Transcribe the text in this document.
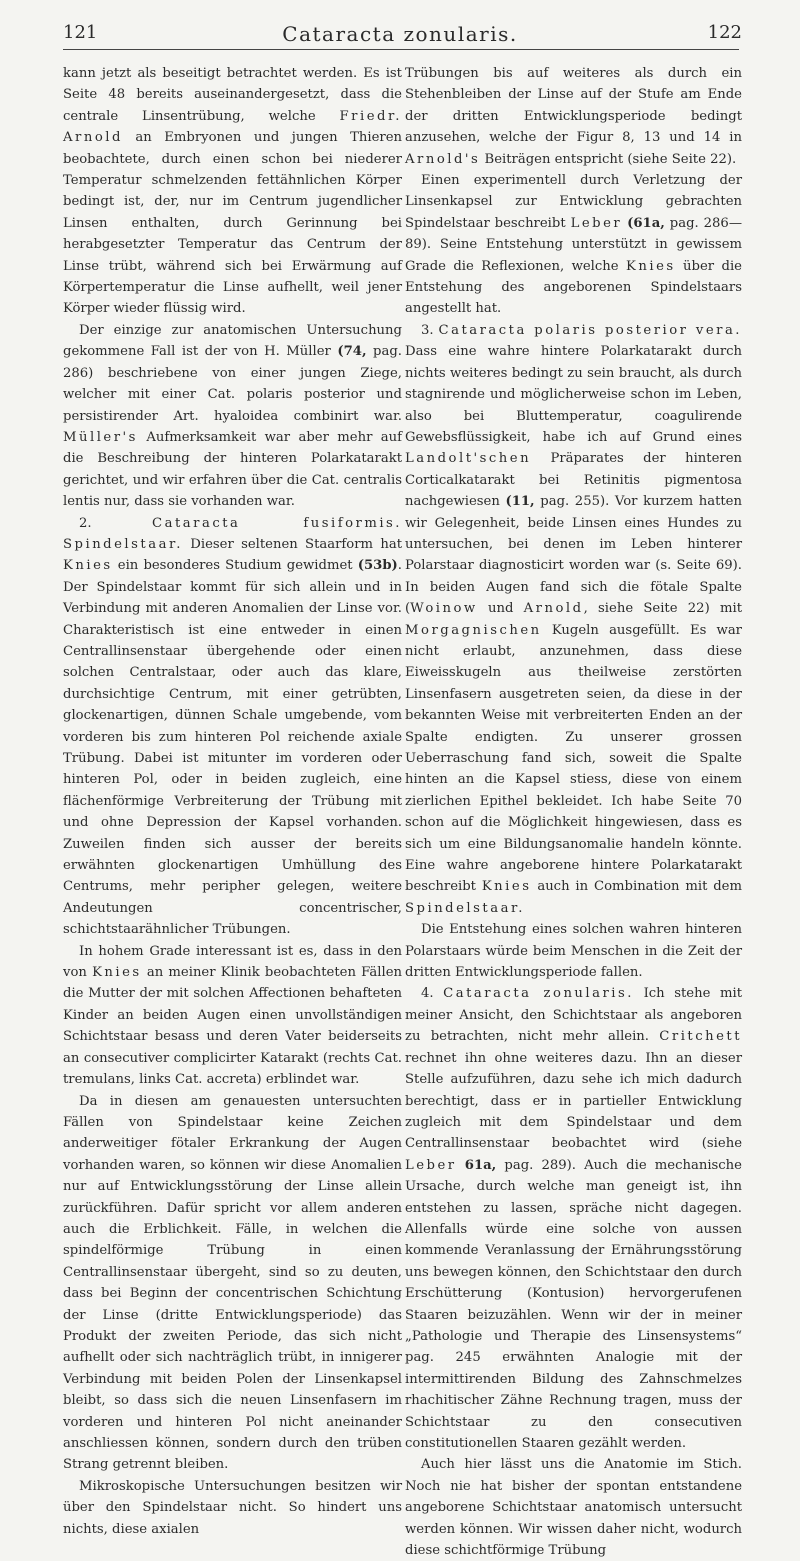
121	Cataracta zonularis.	122

kann jetzt als beseitigt betrachtet werden. Es ist Seite 48 bereits auseinandergesetzt, dass die centrale Linsentrübung, welche Friedr. Arnold an Embryonen und jungen Thieren beobachtete, durch einen schon bei niederer Temperatur schmelzenden fettähnlichen Körper bedingt ist, der, nur im Centrum jugendlicher Linsen enthalten, durch Gerinnung bei herabgesetzter Temperatur das Centrum der Linse trübt, während sich bei Erwärmung auf Körpertemperatur die Linse aufhellt, weil jener Körper wieder flüssig wird.

Der einzige zur anatomischen Untersuchung gekommene Fall ist der von H. Müller (74, pag. 286) beschriebene von einer jungen Ziege, welcher mit einer Cat. polaris posterior und persistirender Art. hyaloidea combinirt war. Müller's Aufmerksamkeit war aber mehr auf die Beschreibung der hinteren Polarkatarakt gerichtet, und wir erfahren über die Cat. centralis lentis nur, dass sie vorhanden war.

2. Cataracta fusiformis. Spindelstaar. Dieser seltenen Staarform hat Knies ein besonderes Studium gewidmet (53b). Der Spindelstaar kommt für sich allein und in Verbindung mit anderen Anomalien der Linse vor. Charakteristisch ist eine entweder in einen Centrallinsenstaar übergehende oder einen solchen Centralstaar, oder auch das klare, durchsichtige Centrum, mit einer getrübten, glockenartigen, dünnen Schale umgebende, vom vorderen bis zum hinteren Pol reichende axiale Trübung. Dabei ist mitunter im vorderen oder hinteren Pol, oder in beiden zugleich, eine flächenförmige Verbreiterung der Trübung mit und ohne Depression der Kapsel vorhanden. Zuweilen finden sich ausser der bereits erwähnten glockenartigen Umhüllung des Centrums, mehr peripher gelegen, weitere Andeutungen concentrischer, schichtstaarähnlicher Trübungen.

In hohem Grade interessant ist es, dass in den von Knies an meiner Klinik beobachteten Fällen die Mutter der mit solchen Affectionen behafteten Kinder an beiden Augen einen unvollständigen Schichtstaar besass und deren Vater beiderseits an consecutiver complicirter Katarakt (rechts Cat. tremulans, links Cat. accreta) erblindet war.

Da in diesen am genauesten untersuchten Fällen von Spindelstaar keine Zeichen anderweitiger fötaler Erkrankung der Augen vorhanden waren, so können wir diese Anomalien nur auf Entwicklungsstörung der Linse allein zurückführen. Dafür spricht vor allem anderen auch die Erblichkeit. Fälle, in welchen die spindelförmige Trübung in einen Centrallinsenstaar übergeht, sind so zu deuten, dass bei Beginn der concentrischen Schichtung der Linse (dritte Entwicklungsperiode) das Produkt der zweiten Periode, das sich nicht aufhellt oder sich nachträglich trübt, in innigerer Verbindung mit beiden Polen der Linsenkapsel bleibt, so dass sich die neuen Linsenfasern im vorderen und hinteren Pol nicht aneinander anschliessen können, sondern durch den trüben Strang getrennt bleiben.

Mikroskopische Untersuchungen besitzen wir über den Spindelstaar nicht. So hindert uns nichts, diese axialen

Trübungen bis auf weiteres als durch ein Stehenbleiben der Linse auf der Stufe am Ende der dritten Entwicklungsperiode bedingt anzusehen, welche der Figur 8, 13 und 14 in Arnold's Beiträgen entspricht (siehe Seite 22).

Einen experimentell durch Verletzung der Linsenkapsel zur Entwicklung gebrachten Spindelstaar beschreibt Leber (61a, pag. 286—89). Seine Entstehung unterstützt in gewissem Grade die Reflexionen, welche Knies über die Entstehung des angeborenen Spindelstaars angestellt hat.

3. Cataracta polaris posterior vera. Dass eine wahre hintere Polarkatarakt durch nichts weiteres bedingt zu sein braucht, als durch stagnirende und möglicherweise schon im Leben, also bei Bluttemperatur, coagulirende Gewebsflüssigkeit, habe ich auf Grund eines Landolt'schen Präparates der hinteren Corticalkatarakt bei Retinitis pigmentosa nachgewiesen (11, pag. 255). Vor kurzem hatten wir Gelegenheit, beide Linsen eines Hundes zu untersuchen, bei denen im Leben hinterer Polarstaar diagnosticirt worden war (s. Seite 69). In beiden Augen fand sich die fötale Spalte (Woinow und Arnold, siehe Seite 22) mit Morgagnischen Kugeln ausgefüllt. Es war nicht erlaubt, anzunehmen, dass diese Eiweisskugeln aus theilweise zerstörten Linsenfasern ausgetreten seien, da diese in der bekannten Weise mit verbreiterten Enden an der Spalte endigten. Zu unserer grossen Ueberraschung fand sich, soweit die Spalte hinten an die Kapsel stiess, diese von einem zierlichen Epithel bekleidet. Ich habe Seite 70 schon auf die Möglichkeit hingewiesen, dass es sich um eine Bildungsanomalie handeln könnte. Eine wahre angeborene hintere Polarkatarakt beschreibt Knies auch in Combination mit dem Spindelstaar.

Die Entstehung eines solchen wahren hinteren Polarstaars würde beim Menschen in die Zeit der dritten Entwicklungsperiode fallen.

4. Cataracta zonularis. Ich stehe mit meiner Ansicht, den Schichtstaar als angeboren zu betrachten, nicht mehr allein. Critchett rechnet ihn ohne weiteres dazu. Ihn an dieser Stelle aufzuführen, dazu sehe ich mich dadurch berechtigt, dass er in partieller Entwicklung zugleich mit dem Spindelstaar und dem Centrallinsenstaar beobachtet wird (siehe Leber 61a, pag. 289). Auch die mechanische Ursache, durch welche man geneigt ist, ihn entstehen zu lassen, spräche nicht dagegen. Allenfalls würde eine solche von aussen kommende Veranlassung der Ernährungsstörung uns bewegen können, den Schichtstaar den durch Erschütterung (Kontusion) hervorgerufenen Staaren beizuzählen. Wenn wir der in meiner „Pathologie und Therapie des Linsensystems“ pag. 245 erwähnten Analogie mit der intermittirenden Bildung des Zahnschmelzes rhachitischer Zähne Rechnung tragen, muss der Schichtstaar zu den consecutiven constitutionellen Staaren gezählt werden.

Auch hier lässt uns die Anatomie im Stich. Noch nie hat bisher der spontan entstandene angeborene Schichtstaar anatomisch untersucht werden können. Wir wissen daher nicht, wodurch diese schichtförmige Trübung
